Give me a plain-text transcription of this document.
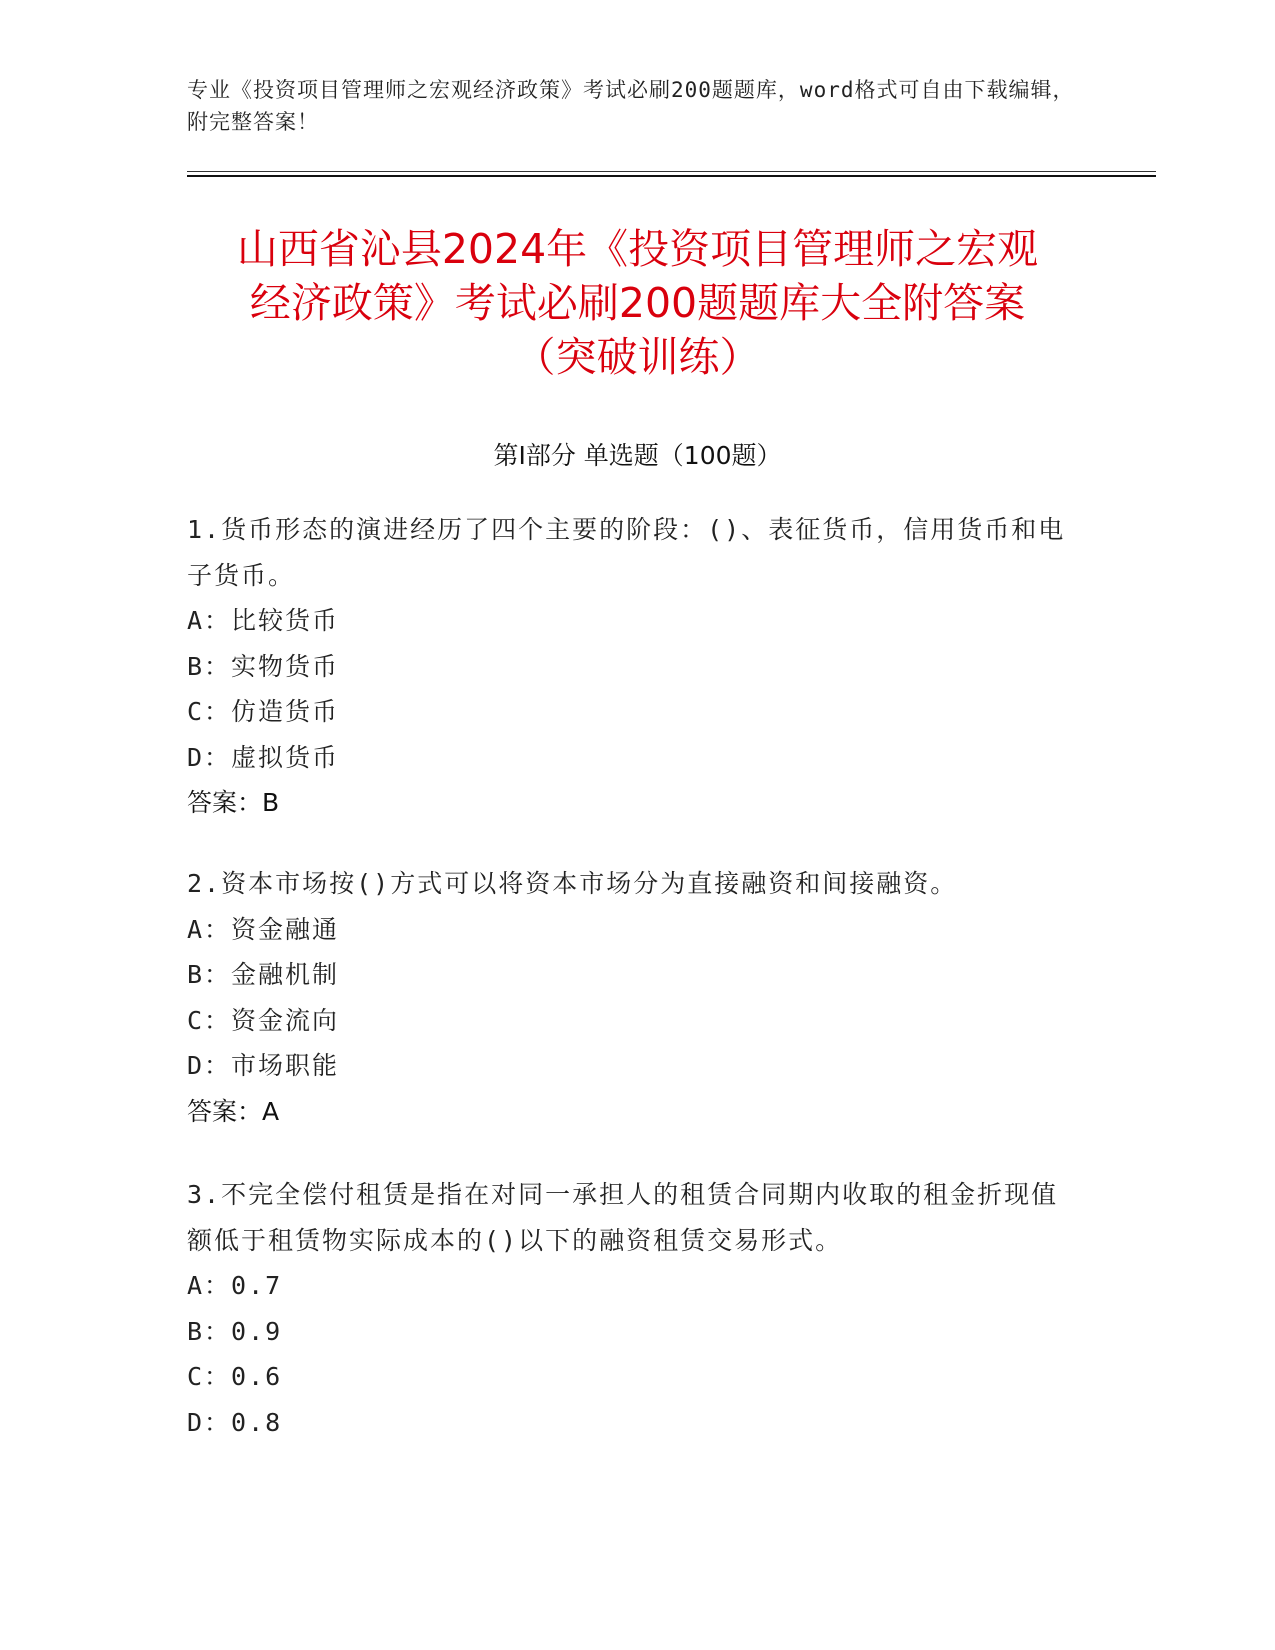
专业《投资项目管理师之宏观经济政策》考试必刷200题题库，word格式可自由下载编辑，附完整答案！
山西省沁县2024年《投资项目管理师之宏观
经济政策》考试必刷200题题库大全附答案
（突破训练）
第Ⅰ部分 单选题（100题）
1.货币形态的演进经历了四个主要的阶段：()、表征货币，信用货币和电子货币。
A：比较货币
B：实物货币
C：仿造货币
D：虚拟货币
答案：B
2.资本市场按()方式可以将资本市场分为直接融资和间接融资。
A：资金融通
B：金融机制
C：资金流向
D：市场职能
答案：A
3.不完全偿付租赁是指在对同一承担人的租赁合同期内收取的租金折现值额低于租赁物实际成本的()以下的融资租赁交易形式。
A：0.7
B：0.9
C：0.6
D：0.8
